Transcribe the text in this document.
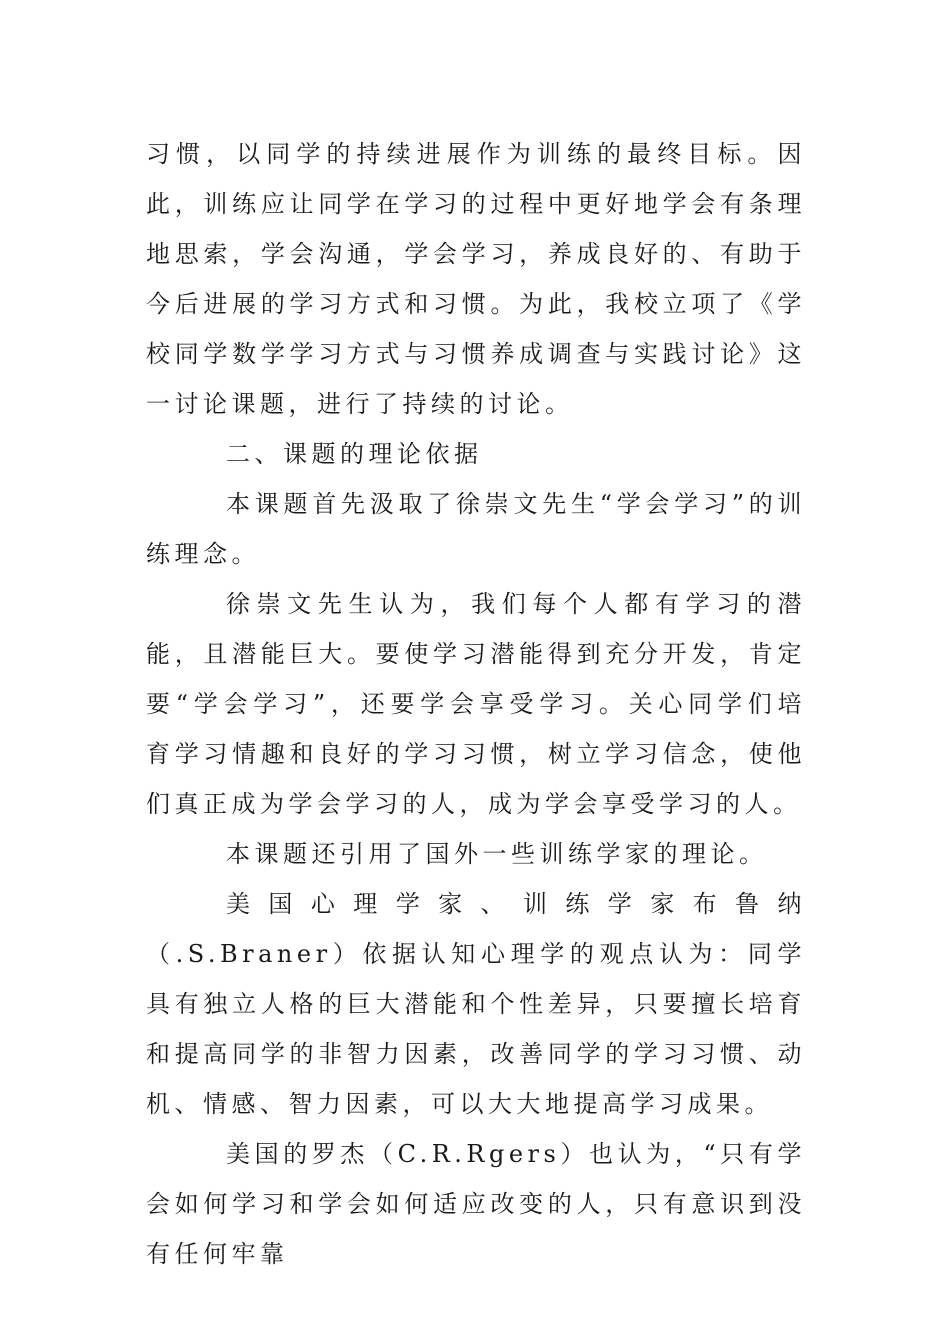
习惯，以同学的持续进展作为训练的最终目标。因此，训练应让同学在学习的过程中更好地学会有条理地思索，学会沟通，学会学习，养成良好的、有助于今后进展的学习方式和习惯。为此，我校立项了《学校同学数学学习方式与习惯养成调查与实践讨论》这一讨论课题，进行了持续的讨论。

二、课题的理论依据

本课题首先汲取了徐崇文先生“学会学习”的训练理念。

徐崇文先生认为，我们每个人都有学习的潜能，且潜能巨大。要使学习潜能得到充分开发，肯定要“学会学习”，还要学会享受学习。关心同学们培育学习情趣和良好的学习习惯，树立学习信念，使他们真正成为学会学习的人，成为学会享受学习的人。

本课题还引用了国外一些训练学家的理论。

美国心理学家、训练学家布鲁纳（.S.Braner）依据认知心理学的观点认为：同学具有独立人格的巨大潜能和个性差异，只要擅长培育和提高同学的非智力因素，改善同学的学习习惯、动机、情感、智力因素，可以大大地提高学习成果。

美国的罗杰（C.R.Rgers）也认为，“只有学会如何学习和学会如何适应改变的人，只有意识到没有任何牢靠
